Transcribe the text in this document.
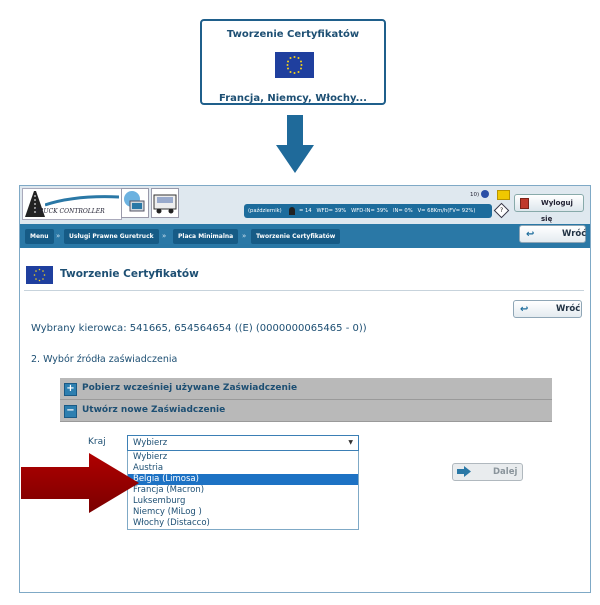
Tworzenie Certyfikatów
Francja, Niemcy, Włochy...
TRUCK CONTROLLER
10)
(październik)	= 14 WFD= 39% WFD-IN= 39% IN= 0% V= 68Km/h(FV= 92%)	?
Wyloguj się
Menu	»	Usługi Prawne Guretruck	»	Placa Minimalna	»	Tworzenie Certyfikatów	↩	Wróć
Tworzenie Certyfikatów
↩	Wróć
Wybrany kierowca: 541665, 654564654 ((E) (0000000065465 - 0))
2. Wybór źródła zaświadczenia
+ Pobierz wcześniej używane Zaświadczenie
− Utwórz nowe Zaświadczenie
Kraj	Wybierz	▼
Wybierz
Austria
Belgia (Limosa)
Francja (Macron)
Luksemburg
Niemcy (MiLog )
Włochy (Distacco)
Dalej
